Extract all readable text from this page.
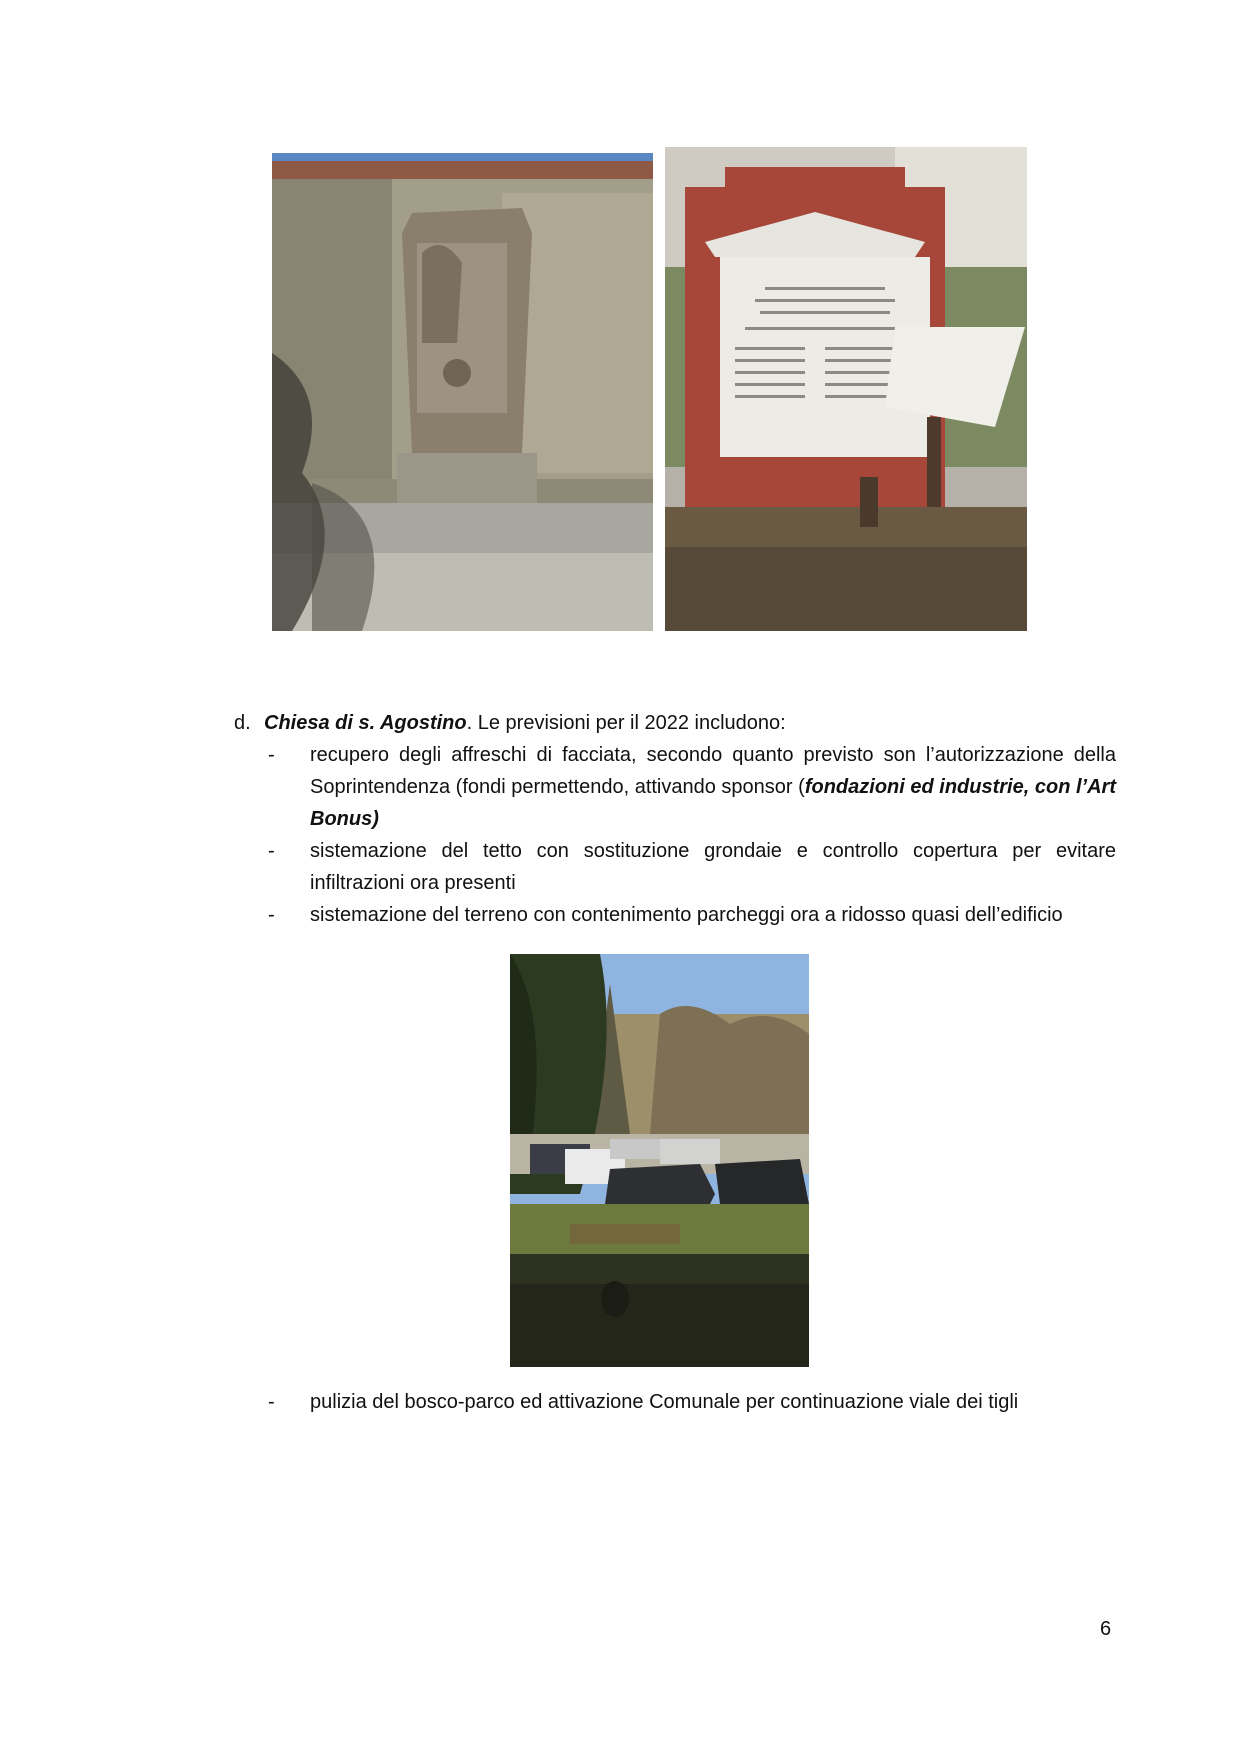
d. Chiesa di s. Agostino. Le previsioni per il 2022 includono:
-	recupero degli affreschi di facciata, secondo quanto previsto son l’autorizzazione della Soprintendenza (fondi permettendo, attivando sponsor (fondazioni ed industrie, con l’Art Bonus)
-	sistemazione del tetto con sostituzione grondaie e controllo copertura per evitare infiltrazioni ora presenti
-	sistemazione del terreno con contenimento parcheggi ora a ridosso quasi dell’edificio
-	pulizia del bosco-parco ed attivazione Comunale per continuazione viale dei tigli
6
